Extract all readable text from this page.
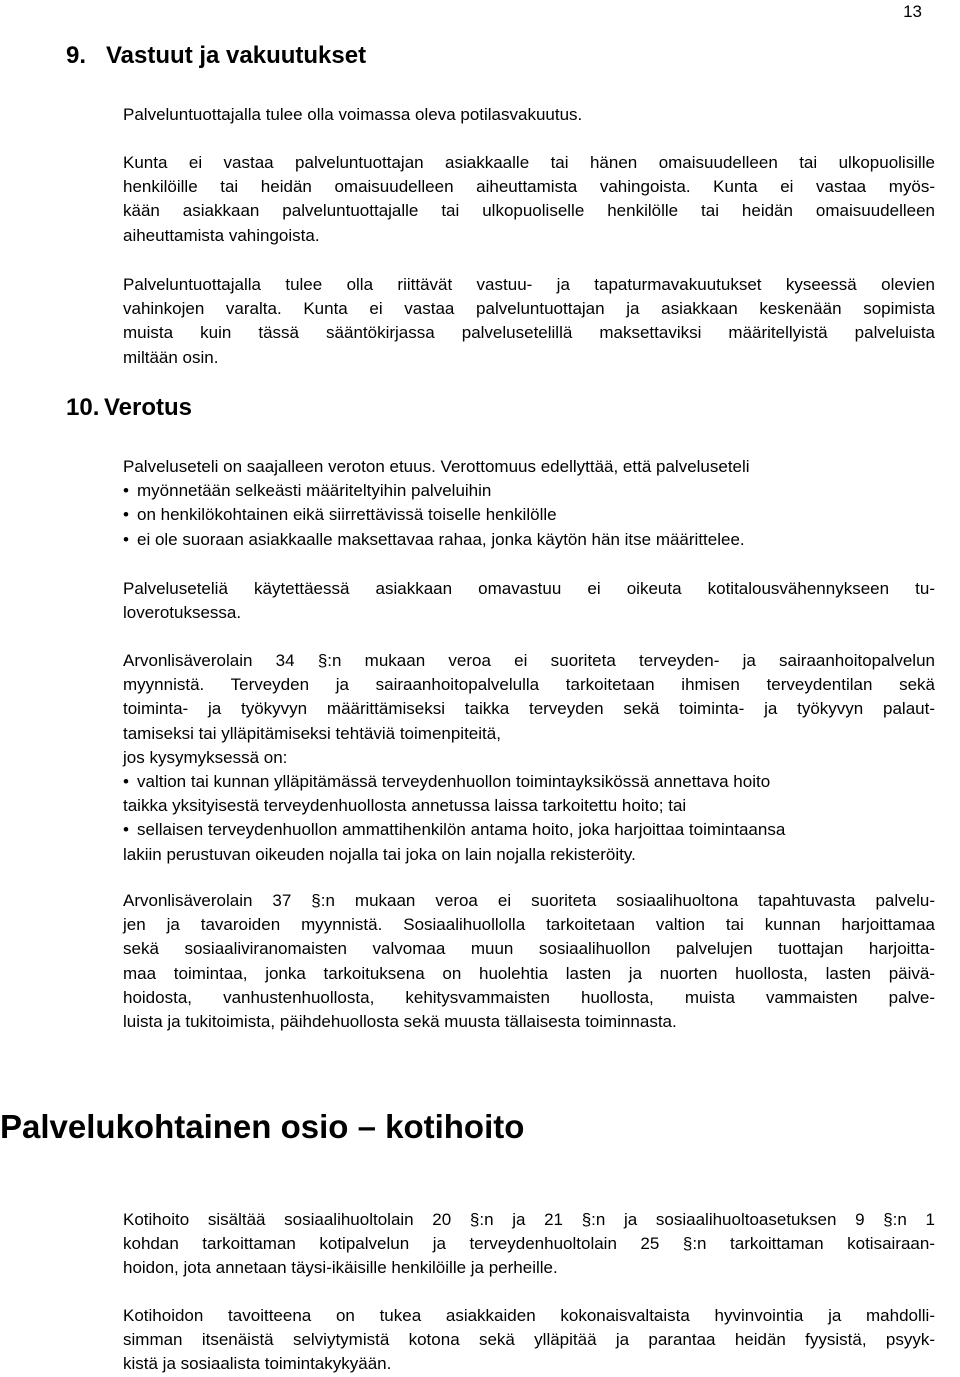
13
9. Vastuut ja vakuutukset

Palveluntuottajalla tulee olla voimassa oleva potilasvakuutus.

Kunta ei vastaa palveluntuottajan asiakkaalle tai hänen omaisuudelleen tai ulkopuolisille
henkilöille tai heidän omaisuudelleen aiheuttamista vahingoista. Kunta ei vastaa myös-
kään asiakkaan palveluntuottajalle tai ulkopuoliselle henkilölle tai heidän omaisuudelleen
aiheuttamista vahingoista.

Palveluntuottajalla tulee olla riittävät vastuu- ja tapaturmavakuutukset kyseessä olevien
vahinkojen varalta. Kunta ei vastaa palveluntuottajan ja asiakkaan keskenään sopimista
muista kuin tässä sääntökirjassa palvelusetelillä maksettaviksi määritellyistä palveluista
miltään osin.

10. Verotus
Palveluseteli on saajalleen veroton etuus. Verottomuus edellyttää, että palveluseteli
• myönnetään selkeästi määriteltyihin palveluihin
• on henkilökohtainen eikä siirrettävissä toiselle henkilölle
• ei ole suoraan asiakkaalle maksettavaa rahaa, jonka käytön hän itse määrittelee.

Palveluseteliä käytettäessä asiakkaan omavastuu ei oikeuta kotitalousvähennykseen tu-
loverotuksessa.

Arvonlisäverolain 34 §:n mukaan veroa ei suoriteta terveyden- ja sairaanhoitopalvelun
myynnistä. Terveyden ja sairaanhoitopalvelulla tarkoitetaan ihmisen terveydentilan sekä
toiminta- ja työkyvyn määrittämiseksi taikka terveyden sekä toiminta- ja työkyvyn palaut-
tamiseksi tai ylläpitämiseksi tehtäviä toimenpiteitä,
jos kysymyksessä on:
• valtion tai kunnan ylläpitämässä terveydenhuollon toimintayksikössä annettava hoito
taikka yksityisestä terveydenhuollosta annetussa laissa tarkoitettu hoito; tai
• sellaisen terveydenhuollon ammattihenkilön antama hoito, joka harjoittaa toimintaansa
lakiin perustuvan oikeuden nojalla tai joka on lain nojalla rekisteröity.

Arvonlisäverolain 37 §:n mukaan veroa ei suoriteta sosiaalihuoltona tapahtuvasta palvelu-
jen ja tavaroiden myynnistä. Sosiaalihuollolla tarkoitetaan valtion tai kunnan harjoittamaa
sekä sosiaaliviranomaisten valvomaa muun sosiaalihuollon palvelujen tuottajan harjoitta-
maa toimintaa, jonka tarkoituksena on huolehtia lasten ja nuorten huollosta, lasten päivä-
hoidosta, vanhustenhuollosta, kehitysvammaisten huollosta, muista vammaisten palve-
luista ja tukitoimista, päihdehuollosta sekä muusta tällaisesta toiminnasta.

Palvelukohtainen osio – kotihoito

Kotihoito sisältää sosiaalihuoltolain 20 §:n ja 21 §:n ja sosiaalihuoltoasetuksen 9 §:n 1
kohdan tarkoittaman kotipalvelun ja terveydenhuoltolain 25 §:n tarkoittaman kotisairaan-
hoidon, jota annetaan täysi-ikäisille henkilöille ja perheille.

Kotihoidon tavoitteena on tukea asiakkaiden kokonaisvaltaista hyvinvointia ja mahdolli-
simman itsenäistä selviytymistä kotona sekä ylläpitää ja parantaa heidän fyysistä, psyyk-
kistä ja sosiaalista toimintakykyään.
